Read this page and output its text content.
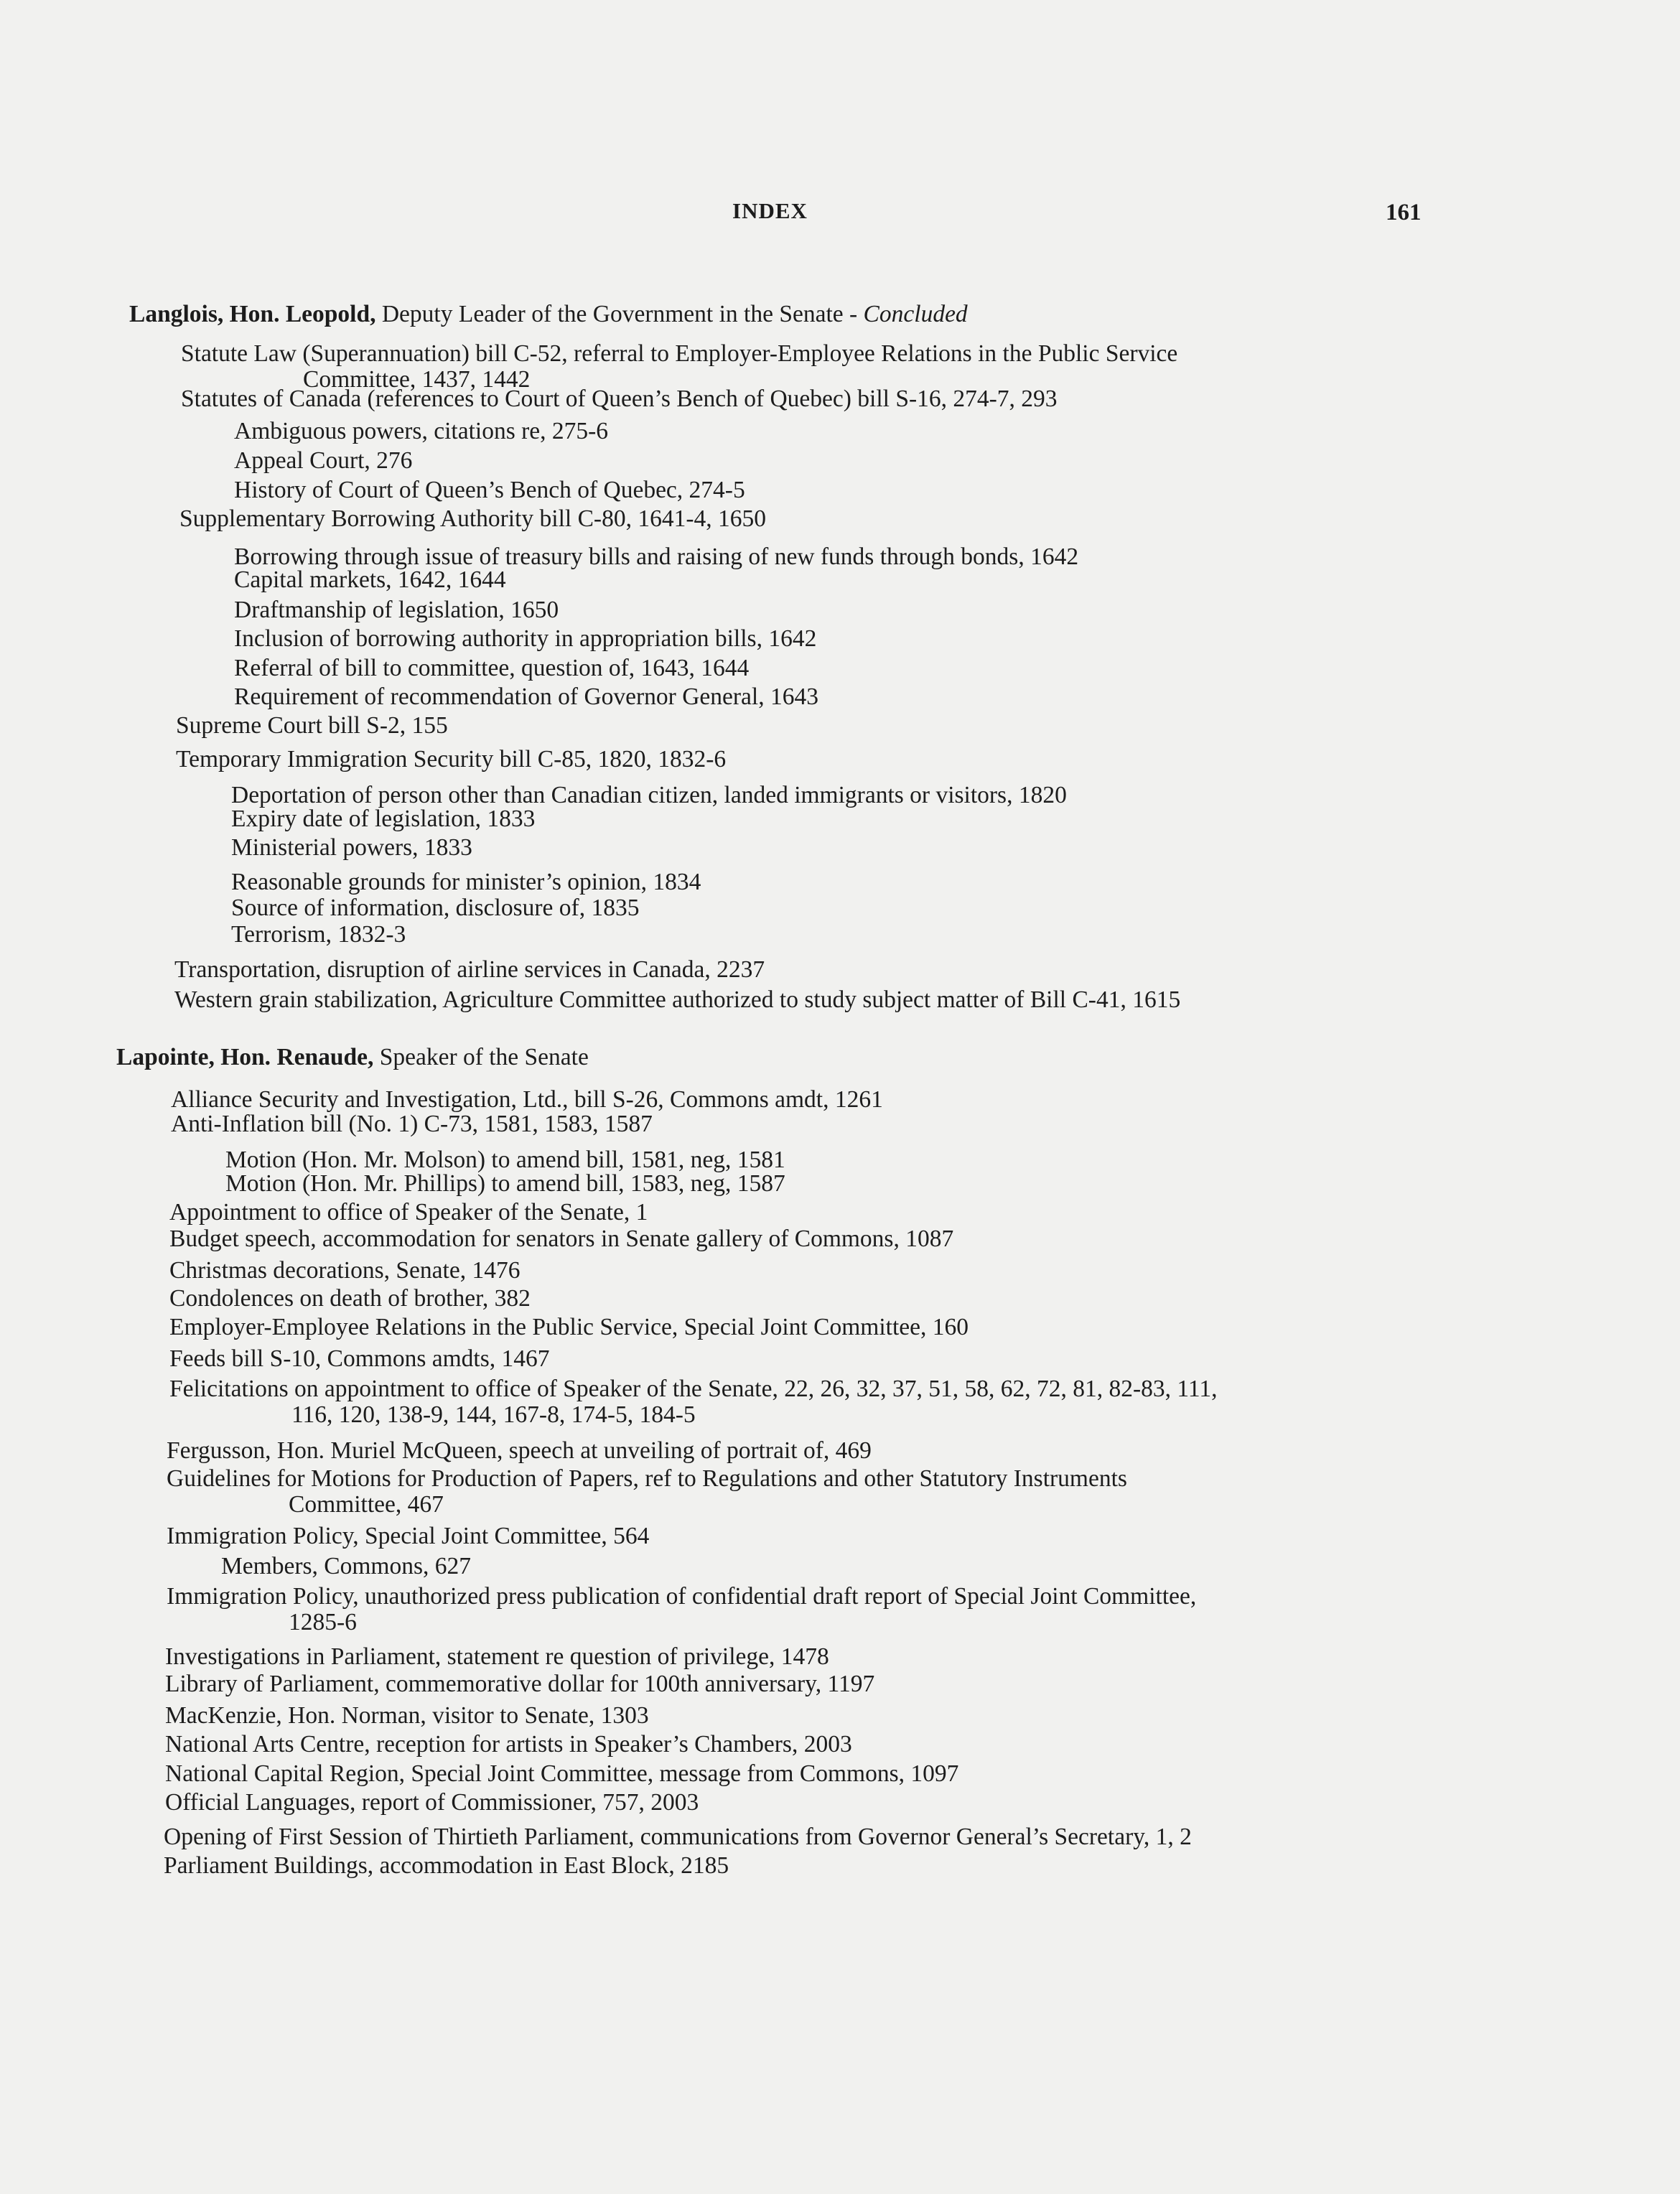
INDEX	161
Langlois, Hon. Leopold, Deputy Leader of the Government in the Senate - Concluded
Statute Law (Superannuation) bill C-52, referral to Employer-Employee Relations in the Public Service
Committee, 1437, 1442
Statutes of Canada (references to Court of Queen’s Bench of Quebec) bill S-16, 274-7, 293
Ambiguous powers, citations re, 275-6
Appeal Court, 276
History of Court of Queen’s Bench of Quebec, 274-5
Supplementary Borrowing Authority bill C-80, 1641-4, 1650
Borrowing through issue of treasury bills and raising of new funds through bonds, 1642
Capital markets, 1642, 1644
Draftmanship of legislation, 1650
Inclusion of borrowing authority in appropriation bills, 1642
Referral of bill to committee, question of, 1643, 1644
Requirement of recommendation of Governor General, 1643
Supreme Court bill S-2, 155
Temporary Immigration Security bill C-85, 1820, 1832-6
Deportation of person other than Canadian citizen, landed immigrants or visitors, 1820
Expiry date of legislation, 1833
Ministerial powers, 1833
Reasonable grounds for minister’s opinion, 1834
Source of information, disclosure of, 1835
Terrorism, 1832-3
Transportation, disruption of airline services in Canada, 2237
Western grain stabilization, Agriculture Committee authorized to study subject matter of Bill C-41, 1615
Lapointe, Hon. Renaude, Speaker of the Senate
Alliance Security and Investigation, Ltd., bill S-26, Commons amdt, 1261
Anti-Inflation bill (No. 1) C-73, 1581, 1583, 1587
Motion (Hon. Mr. Molson) to amend bill, 1581, neg, 1581
Motion (Hon. Mr. Phillips) to amend bill, 1583, neg, 1587
Appointment to office of Speaker of the Senate, 1
Budget speech, accommodation for senators in Senate gallery of Commons, 1087
Christmas decorations, Senate, 1476
Condolences on death of brother, 382
Employer-Employee Relations in the Public Service, Special Joint Committee, 160
Feeds bill S-10, Commons amdts, 1467
Felicitations on appointment to office of Speaker of the Senate, 22, 26, 32, 37, 51, 58, 62, 72, 81, 82-83, 111,
116, 120, 138-9, 144, 167-8, 174-5, 184-5
Fergusson, Hon. Muriel McQueen, speech at unveiling of portrait of, 469
Guidelines for Motions for Production of Papers, ref to Regulations and other Statutory Instruments
Committee, 467
Immigration Policy, Special Joint Committee, 564
Members, Commons, 627
Immigration Policy, unauthorized press publication of confidential draft report of Special Joint Committee,
1285-6
Investigations in Parliament, statement re question of privilege, 1478
Library of Parliament, commemorative dollar for 100th anniversary, 1197
MacKenzie, Hon. Norman, visitor to Senate, 1303
National Arts Centre, reception for artists in Speaker’s Chambers, 2003
National Capital Region, Special Joint Committee, message from Commons, 1097
Official Languages, report of Commissioner, 757, 2003
Opening of First Session of Thirtieth Parliament, communications from Governor General’s Secretary, 1, 2
Parliament Buildings, accommodation in East Block, 2185
